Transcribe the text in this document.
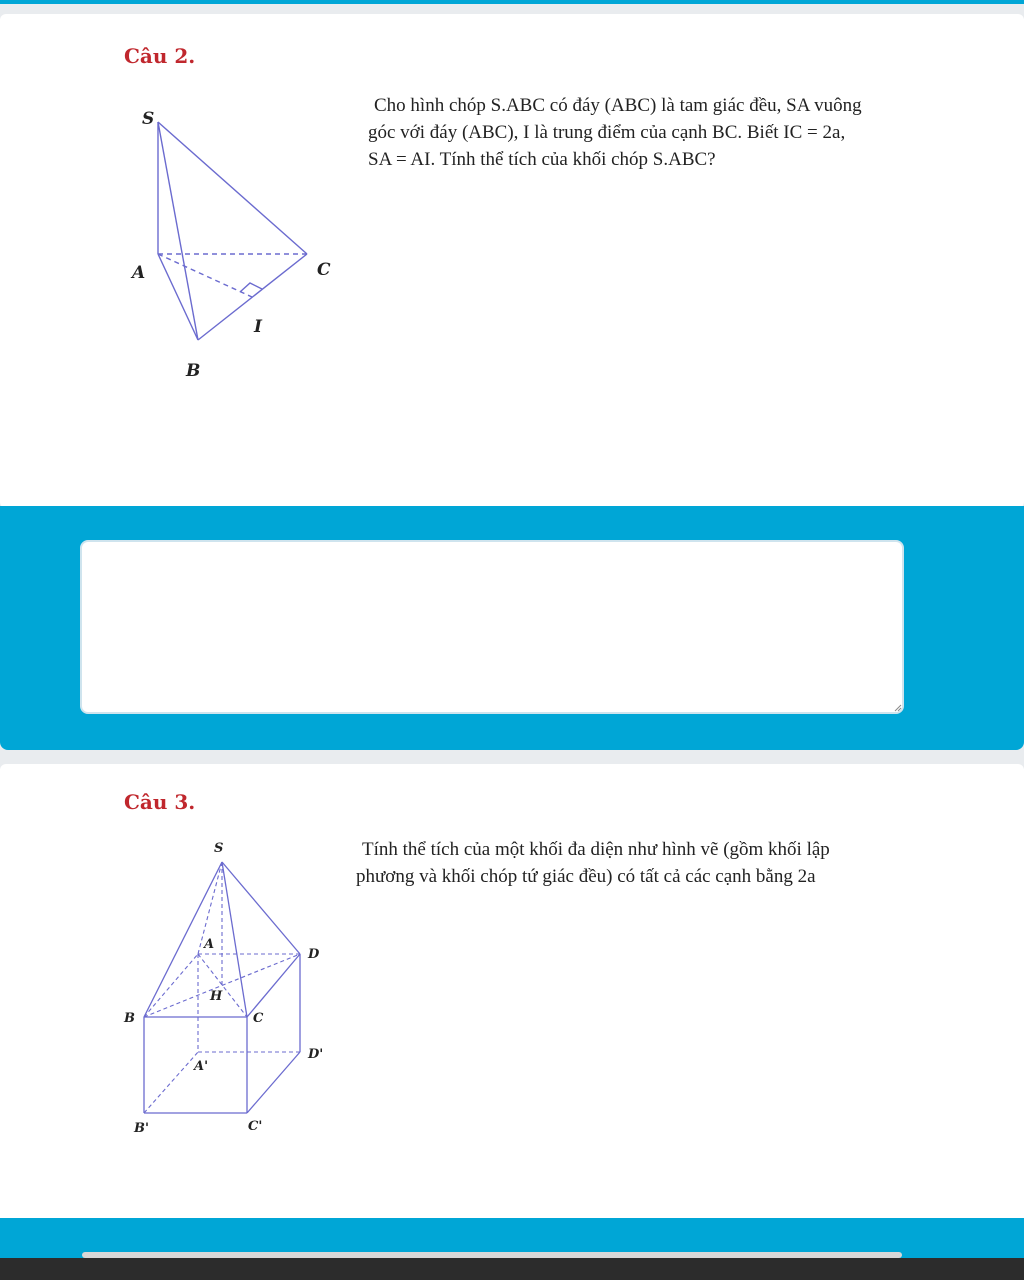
Câu 2.
S
A	C
I
B
Cho hình chóp S.ABC có đáy (ABC) là tam giác đều, SA vuông
góc với đáy (ABC), I là trung điểm của cạnh BC. Biết IC = 2a,
SA = AI. Tính thể tích của khối chóp S.ABC?
Câu 3.
S
A
D
H
B	C
D'
A'
B'	C'
Tính thể tích của một khối đa diện như hình vẽ (gồm khối lập
phương và khối chóp tứ giác đều) có tất cả các cạnh bằng 2a
